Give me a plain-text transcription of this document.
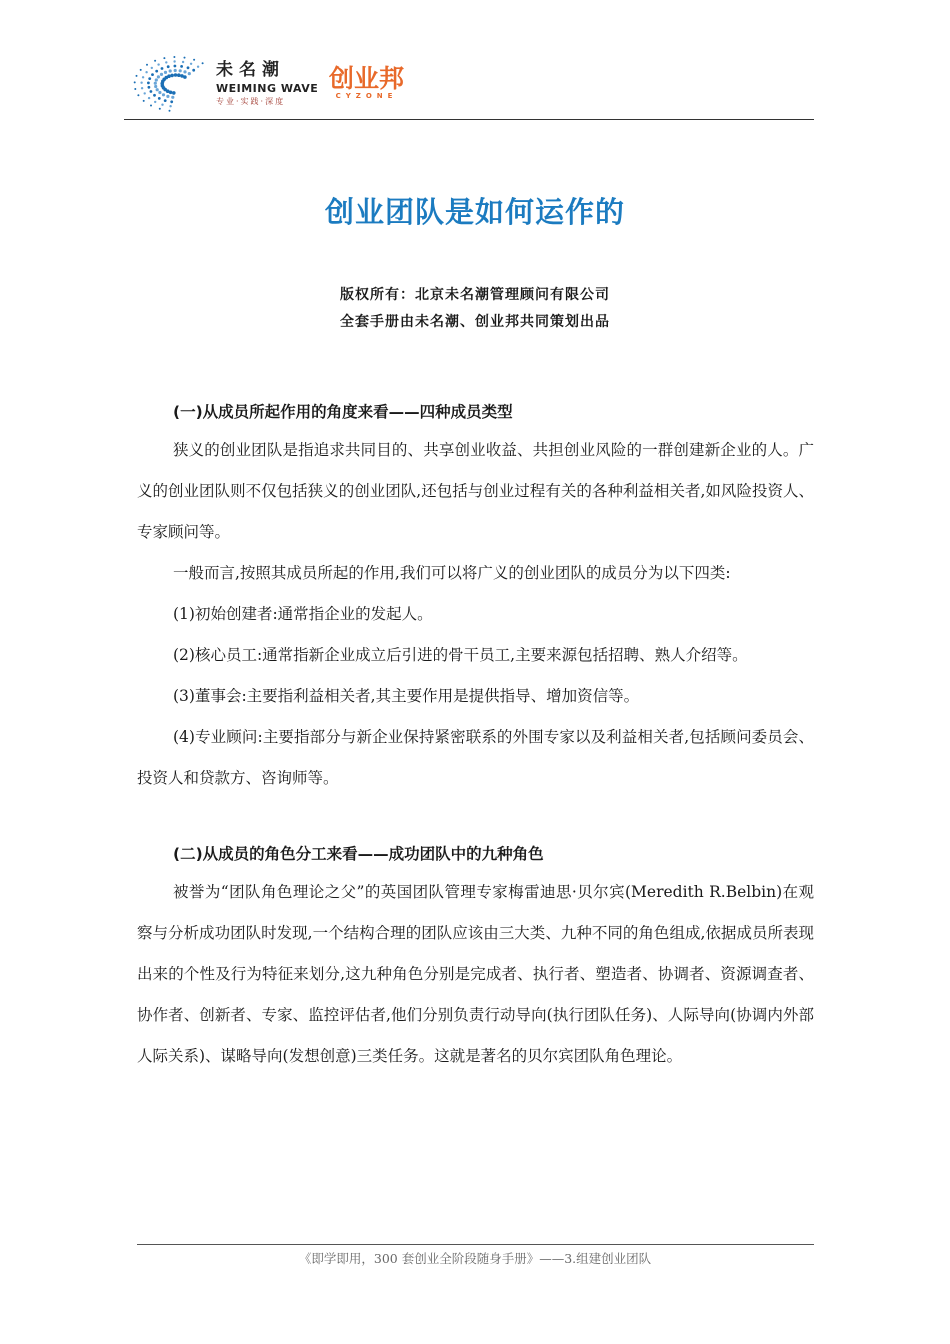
未名潮
WEIMING WAVE
专业·实践·深度
创业邦
CYZONE
创业团队是如何运作的
版权所有：北京未名潮管理顾问有限公司
全套手册由未名潮、创业邦共同策划出品

(一)从成员所起作用的角度来看——四种成员类型

狭义的创业团队是指追求共同目的、共享创业收益、共担创业风险的一群创建新企业的人。广义的创业团队则不仅包括狭义的创业团队,还包括与创业过程有关的各种利益相关者,如风险投资人、专家顾问等。

一般而言,按照其成员所起的作用,我们可以将广义的创业团队的成员分为以下四类:

(1)初始创建者:通常指企业的发起人。

(2)核心员工:通常指新企业成立后引进的骨干员工,主要来源包括招聘、熟人介绍等。

(3)董事会:主要指利益相关者,其主要作用是提供指导、增加资信等。

(4)专业顾问:主要指部分与新企业保持紧密联系的外围专家以及利益相关者,包括顾问委员会、投资人和贷款方、咨询师等。

(二)从成员的角色分工来看——成功团队中的九种角色

被誉为“团队角色理论之父”的英国团队管理专家梅雷迪思·贝尔宾(Meredith R.Belbin)在观察与分析成功团队时发现,一个结构合理的团队应该由三大类、九种不同的角色组成,依据成员所表现出来的个性及行为特征来划分,这九种角色分别是完成者、执行者、塑造者、协调者、资源调查者、协作者、创新者、专家、监控评估者,他们分别负责行动导向(执行团队任务)、人际导向(协调内外部人际关系)、谋略导向(发想创意)三类任务。这就是著名的贝尔宾团队角色理论。

《即学即用，300 套创业全阶段随身手册》——3.组建创业团队
